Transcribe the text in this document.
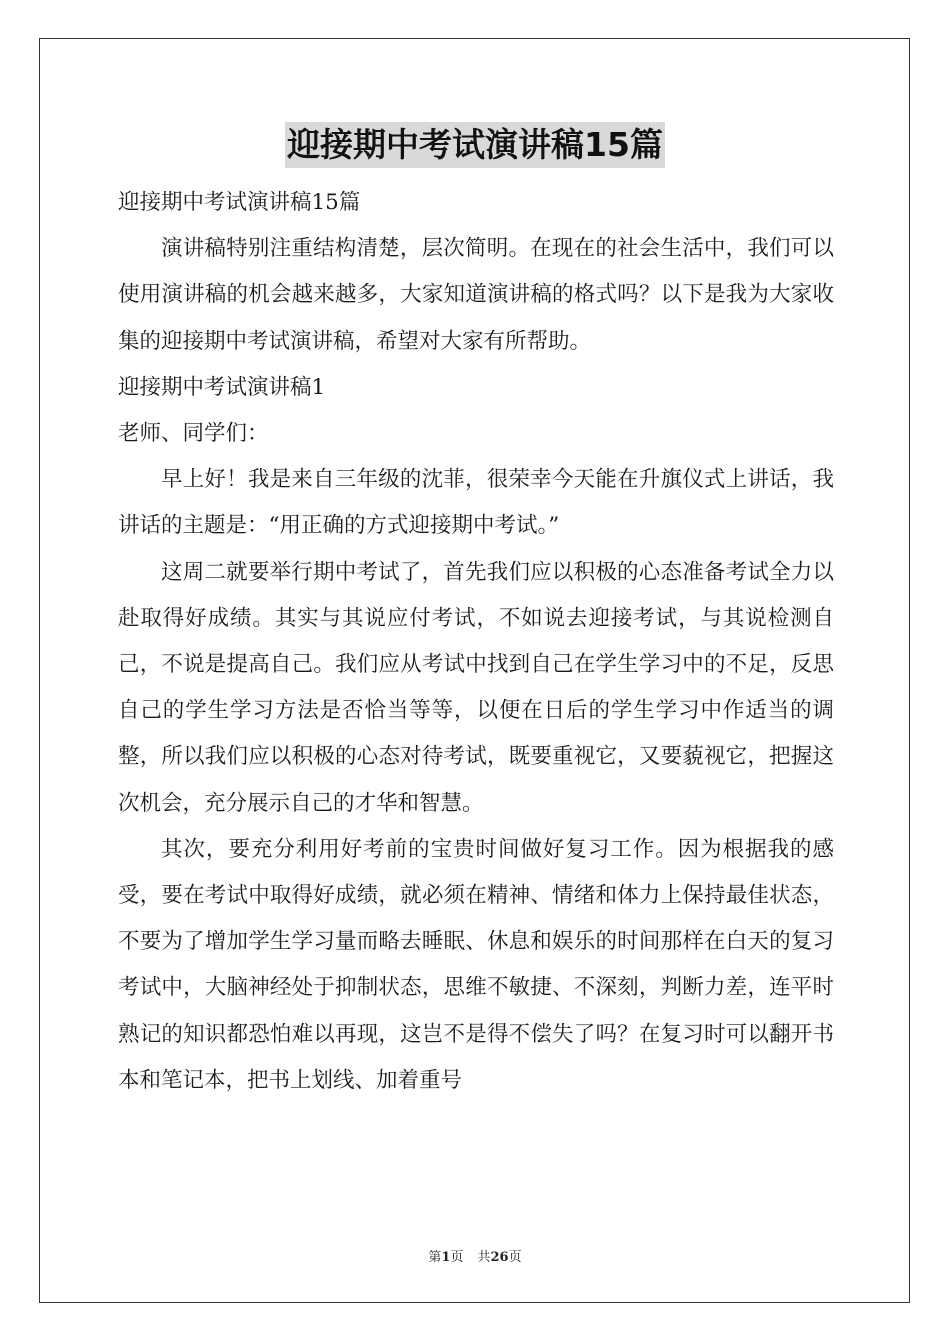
迎接期中考试演讲稿15篇

迎接期中考试演讲稿15篇

演讲稿特别注重结构清楚，层次简明。在现在的社会生活中，我们可以使用演讲稿的机会越来越多，大家知道演讲稿的格式吗？以下是我为大家收集的迎接期中考试演讲稿，希望对大家有所帮助。

迎接期中考试演讲稿1

老师、同学们：

早上好！我是来自三年级的沈菲，很荣幸今天能在升旗仪式上讲话，我讲话的主题是：“用正确的方式迎接期中考试。”

这周二就要举行期中考试了，首先我们应以积极的心态准备考试全力以赴取得好成绩。其实与其说应付考试，不如说去迎接考试，与其说检测自己，不说是提高自己。我们应从考试中找到自己在学生学习中的不足，反思自己的学生学习方法是否恰当等等，以便在日后的学生学习中作适当的调整，所以我们应以积极的心态对待考试，既要重视它，又要藐视它，把握这次机会，充分展示自己的才华和智慧。

其次，要充分利用好考前的宝贵时间做好复习工作。因为根据我的感受，要在考试中取得好成绩，就必须在精神、情绪和体力上保持最佳状态，不要为了增加学生学习量而略去睡眠、休息和娱乐的时间那样在白天的复习考试中，大脑神经处于抑制状态，思维不敏捷、不深刻，判断力差，连平时熟记的知识都恐怕难以再现，这岂不是得不偿失了吗？在复习时可以翻开书本和笔记本，把书上划线、加着重号

第1页 共26页
